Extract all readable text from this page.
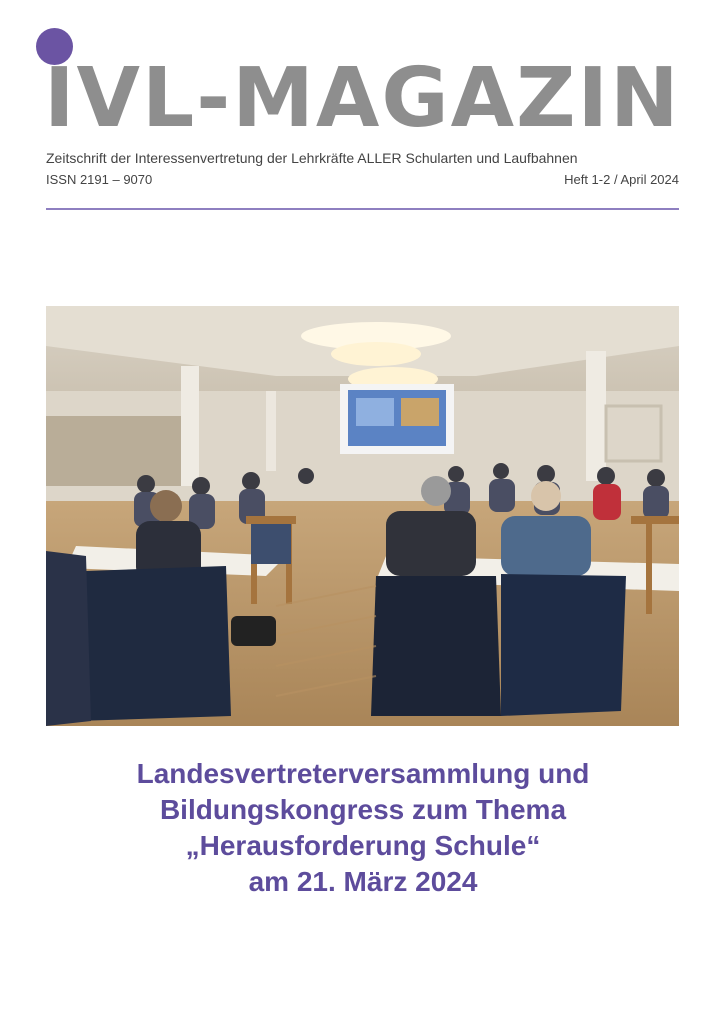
IVL-MAGAZIN
Zeitschrift der Interessenvertretung der Lehrkräfte ALLER Schularten und Laufbahnen
ISSN 2191 – 9070	Heft 1-2 / April 2024
Landesvertreterversammlung und
Bildungskongress zum Thema
„Herausforderung Schule“
am 21. März 2024
